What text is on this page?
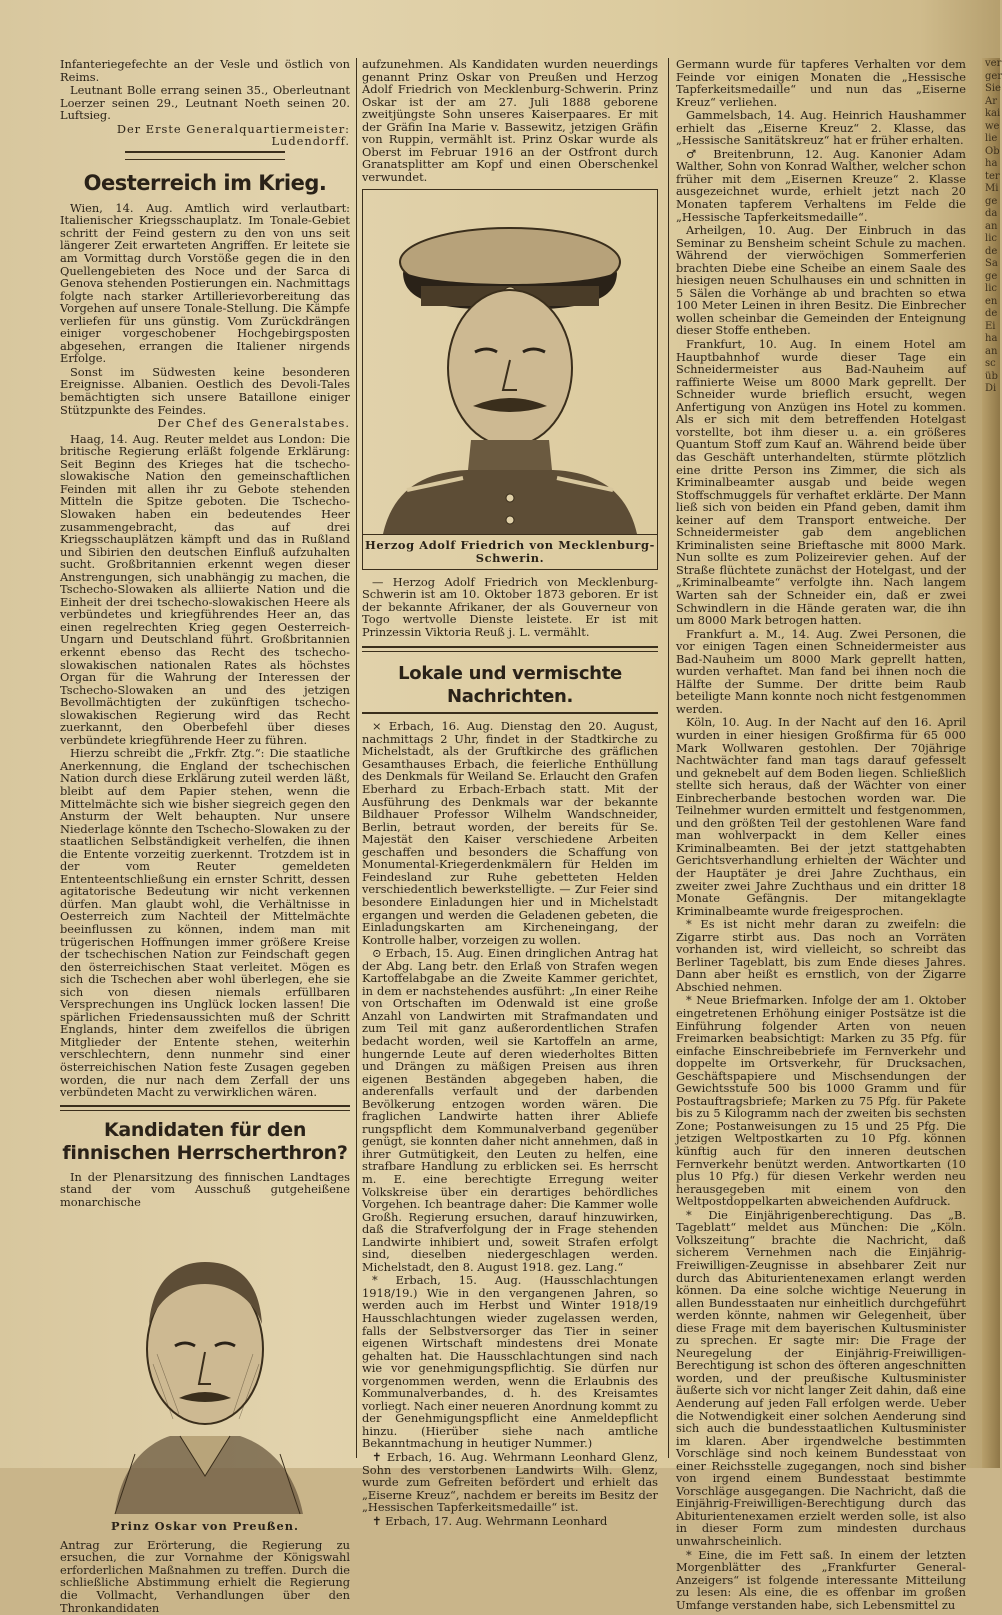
Infanteriegefechte an der Vesle und östlich von Reims.

Leutnant Bolle errang seinen 35., Oberleutnant Loerzer seinen 29., Leutnant Noeth seinen 20. Luftsieg.

Der Erste Generalquartiermeister: Ludendorff.
Oesterreich im Krieg.

Wien, 14. Aug. Amtlich wird verlautbart: Italienischer Kriegsschauplatz. Im Tonale-Gebiet schritt der Feind gestern zu den von uns seit längerer Zeit erwarteten Angriffen. Er leitete sie am Vormittag durch Vorstöße gegen die in den Quellengebieten des Noce und der Sarca di Genova stehenden Postierungen ein. Nachmittags folgte nach starker Artillerievorbereitung das Vorgehen auf unsere Tonale-Stellung. Die Kämpfe verliefen für uns günstig. Vom Zurückdrängen einiger vorgeschobener Hochgebirgsposten abgesehen, errangen die Italiener nirgends Erfolge.

Sonst im Südwesten keine besonderen Ereignisse. Albanien. Oestlich des Devoli-Tales bemächtigten sich unsere Bataillone einiger Stützpunkte des Feindes.

Der Chef des Generalstabes.

Haag, 14. Aug. Reuter meldet aus London: Die britische Regierung erläßt folgende Erklärung: Seit Beginn des Krieges hat die tschecho-slowakische Nation den gemeinschaftlichen Feinden mit allen ihr zu Gebote stehenden Mitteln die Spitze geboten. Die Tschecho-Slowaken haben ein bedeutendes Heer zusammengebracht, das auf drei Kriegsschauplätzen kämpft und das in Rußland und Sibirien den deutschen Einfluß aufzuhalten sucht. Großbritannien erkennt wegen dieser Anstrengungen, sich unabhängig zu machen, die Tschecho-Slowaken als alliierte Nation und die Einheit der drei tschecho-slowakischen Heere als verbündetes und kriegführendes Heer an, das einen regelrechten Krieg gegen Oesterreich-Ungarn und Deutschland führt. Großbritannien erkennt ebenso das Recht des tschecho-slowakischen nationalen Rates als höchstes Organ für die Wahrung der Interessen der Tschecho-Slowaken an und des jetzigen Bevollmächtigten der zukünftigen tschecho-slowakischen Regierung wird das Recht zuerkannt, den Oberbefehl über dieses verbündete kriegführende Heer zu führen.

Hierzu schreibt die „Frkfr. Ztg.“: Die staatliche Anerkennung, die England der tschechischen Nation durch diese Erklärung zuteil werden läßt, bleibt auf dem Papier stehen, wenn die Mittelmächte sich wie bisher siegreich gegen den Ansturm der Welt behaupten. Nur unsere Niederlage könnte den Tschecho-Slowaken zu der staatlichen Selbständigkeit verhelfen, die ihnen die Entente vorzeitig zuerkennt. Trotzdem ist in der vom Reuter gemeldeten Ententeentschließung ein ernster Schritt, dessen agitatorische Bedeutung wir nicht verkennen dürfen. Man glaubt wohl, die Verhältnisse in Oesterreich zum Nachteil der Mittelmächte beeinflussen zu können, indem man mit trügerischen Hoffnungen immer größere Kreise der tschechischen Nation zur Feindschaft gegen den österreichischen Staat verleitet. Mögen es sich die Tschechen aber wohl überlegen, ehe sie sich von diesen niemals erfüllbaren Versprechungen ins Unglück locken lassen! Die spärlichen Friedensaussichten muß der Schritt Englands, hinter dem zweifellos die übrigen Mitglieder der Entente stehen, weiterhin verschlechtern, denn nunmehr sind einer österreichischen Nation feste Zusagen gegeben worden, die nur nach dem Zerfall der uns verbündeten Macht zu verwirklichen wären.

Kandidaten für den finnischen Herrscherthron?

In der Plenarsitzung des finnischen Landtages stand der vom Ausschuß gutgeheißene monarchische

Prinz Oskar von Preußen.

Antrag zur Erörterung, die Regierung zu ersuchen, die zur Vornahme der Königswahl erforderlichen Maßnahmen zu treffen. Durch die schließliche Abstimmung erhielt die Regierung die Vollmacht, Verhandlungen über den Thronkandidaten

aufzunehmen. Als Kandidaten wurden neuerdings genannt Prinz Oskar von Preußen und Herzog Adolf Friedrich von Mecklenburg-Schwerin. Prinz Oskar ist der am 27. Juli 1888 geborene zweitjüngste Sohn unseres Kaiserpaares. Er mit der Gräfin Ina Marie v. Bassewitz, jetzigen Gräfin von Ruppin, vermählt ist. Prinz Oskar wurde als Oberst im Februar 1916 an der Ostfront durch Granatsplitter am Kopf und einen Oberschenkel verwundet.

Herzog Adolf Friedrich von Mecklenburg-Schwerin.

— Herzog Adolf Friedrich von Mecklenburg-Schwerin ist am 10. Oktober 1873 geboren. Er ist der bekannte Afrikaner, der als Gouverneur von Togo wertvolle Dienste leistete. Er ist mit Prinzessin Viktoria Reuß j. L. vermählt.

Lokale und vermischte Nachrichten.

× Erbach, 16. Aug. Dienstag den 20. August, nachmittags 2 Uhr, findet in der Stadtkirche zu Michelstadt, als der Gruftkirche des gräflichen Gesamthauses Erbach, die feierliche Enthüllung des Denkmals für Weiland Se. Erlaucht den Grafen Eberhard zu Erbach-Erbach statt. Mit der Ausführung des Denkmals war der bekannte Bildhauer Professor Wilhelm Wandschneider, Berlin, betraut worden, der bereits für Se. Majestät den Kaiser verschiedene Arbeiten geschaffen und besonders die Schaffung von Monumental-Kriegerdenkmälern für Helden im Feindesland zur Ruhe gebetteten Helden verschiedentlich bewerkstelligte. — Zur Feier sind besondere Einladungen hier und in Michelstadt ergangen und werden die Geladenen gebeten, die Einladungskarten am Kircheneingang, der Kontrolle halber, vorzeigen zu wollen.

⊙ Erbach, 15. Aug. Einen dringlichen Antrag hat der Abg. Lang betr. den Erlaß von Strafen wegen Kartoffelabgabe an die Zweite Kammer gerichtet, in dem er nachstehendes ausführt: „In einer Reihe von Ortschaften im Odenwald ist eine große Anzahl von Landwirten mit Strafmandaten und zum Teil mit ganz außerordentlichen Strafen bedacht worden, weil sie Kartoffeln an arme, hungernde Leute auf deren wiederholtes Bitten und Drängen zu mäßigen Preisen aus ihren eigenen Beständen abgegeben haben, die anderenfalls verfault und der darbenden Bevölkerung entzogen worden wären. Die fraglichen Landwirte hatten ihrer Abliefe rungspflicht dem Kommunalverband gegenüber genügt, sie konnten daher nicht annehmen, daß in ihrer Gutmütigkeit, den Leuten zu helfen, eine strafbare Handlung zu erblicken sei. Es herrscht m. E. eine berechtigte Erregung weiter Volkskreise über ein derartiges behördliches Vorgehen. Ich beantrage daher: Die Kammer wolle Großh. Regierung ersuchen, darauf hinzuwirken, daß die Strafverfolgung der in Frage stehenden Landwirte inhibiert und, soweit Strafen erfolgt sind, dieselben niedergeschlagen werden. Michelstadt, den 8. August 1918. gez. Lang.“

* Erbach, 15. Aug. (Hausschlachtungen 1918/19.) Wie in den vergangenen Jahren, so werden auch im Herbst und Winter 1918/19 Hausschlachtungen wieder zugelassen werden, falls der Selbstversorger das Tier in seiner eigenen Wirtschaft mindestens drei Monate gehalten hat. Die Hausschlachtungen sind nach wie vor genehmigungspflichtig. Sie dürfen nur vorgenommen werden, wenn die Erlaubnis des Kommunalverbandes, d. h. des Kreisamtes vorliegt. Nach einer neueren Anordnung kommt zu der Genehmigungspflicht eine Anmeldepflicht hinzu. (Hierüber siehe nach amtliche Bekanntmachung in heutiger Nummer.)

✝ Erbach, 16. Aug. Wehrmann Leonhard Glenz, Sohn des verstorbenen Landwirts Wilh. Glenz, wurde zum Gefreiten befördert und erhielt das „Eiserne Kreuz“, nachdem er bereits im Besitz der „Hessischen Tapferkeitsmedaille“ ist.

✝ Erbach, 17. Aug. Wehrmann Leonhard

Germann wurde für tapferes Verhalten vor dem Feinde vor einigen Monaten die „Hessische Tapferkeitsmedaille“ und nun das „Eiserne Kreuz“ verliehen.

Gammelsbach, 14. Aug. Heinrich Haushammer erhielt das „Eiserne Kreuz“ 2. Klasse, das „Hessische Sanitätskreuz“ hat er früher erhalten.

♂ Breitenbrunn, 12. Aug. Kanonier Adam Walther, Sohn von Konrad Walther, welcher schon früher mit dem „Eisernen Kreuze“ 2. Klasse ausgezeichnet wurde, erhielt jetzt nach 20 Monaten tapferem Verhaltens im Felde die „Hessische Tapferkeitsmedaille“.

Arheilgen, 10. Aug. Der Einbruch in das Seminar zu Bensheim scheint Schule zu machen. Während der vierwöchigen Sommerferien brachten Diebe eine Scheibe an einem Saale des hiesigen neuen Schulhauses ein und schnitten in 5 Sälen die Vorhänge ab und brachten so etwa 100 Meter Leinen in ihren Besitz. Die Einbrecher wollen scheinbar die Gemeinden der Enteignung dieser Stoffe entheben.

Frankfurt, 10. Aug. In einem Hotel am Hauptbahnhof wurde dieser Tage ein Schneidermeister aus Bad-Nauheim auf raffinierte Weise um 8000 Mark geprellt. Der Schneider wurde brieflich ersucht, wegen Anfertigung von Anzügen ins Hotel zu kommen. Als er sich mit dem betreffenden Hotelgast vorstellte, bot ihm dieser u. a. ein größeres Quantum Stoff zum Kauf an. Während beide über das Geschäft unterhandelten, stürmte plötzlich eine dritte Person ins Zimmer, die sich als Kriminalbeamter ausgab und beide wegen Stoffschmuggels für verhaftet erklärte. Der Mann ließ sich von beiden ein Pfand geben, damit ihm keiner auf dem Transport entweiche. Der Schneidermeister gab dem angeblichen Kriminalisten seine Brieftasche mit 8000 Mark. Nun sollte es zum Polizeirevier gehen. Auf der Straße flüchtete zunächst der Hotelgast, und der „Kriminalbeamte“ verfolgte ihn. Nach langem Warten sah der Schneider ein, daß er zwei Schwindlern in die Hände geraten war, die ihn um 8000 Mark betrogen hatten.

Frankfurt a. M., 14. Aug. Zwei Personen, die vor einigen Tagen einen Schneidermeister aus Bad-Nauheim um 8000 Mark geprellt hatten, wurden verhaftet. Man fand bei ihnen noch die Hälfte der Summe. Der dritte beim Raub beteiligte Mann konnte noch nicht festgenommen werden.

Köln, 10. Aug. In der Nacht auf den 16. April wurden in einer hiesigen Großfirma für 65 000 Mark Wollwaren gestohlen. Der 70jährige Nachtwächter fand man tags darauf gefesselt und geknebelt auf dem Boden liegen. Schließlich stellte sich heraus, daß der Wächter von einer Einbrecherbande bestochen worden war. Die Teilnehmer wurden ermittelt und festgenommen, und den größten Teil der gestohlenen Ware fand man wohlverpackt in dem Keller eines Kriminalbeamten. Bei der jetzt stattgehabten Gerichtsverhandlung erhielten der Wächter und der Hauptäter je drei Jahre Zuchthaus, ein zweiter zwei Jahre Zuchthaus und ein dritter 18 Monate Gefängnis. Der mitangeklagte Kriminalbeamte wurde freigesprochen.

* Es ist nicht mehr daran zu zweifeln: die Zigarre stirbt aus. Das noch an Vorräten vorhanden ist, wird vielleicht, so schreibt das Berliner Tageblatt, bis zum Ende dieses Jahres. Dann aber heißt es ernstlich, von der Zigarre Abschied nehmen.

* Neue Briefmarken. Infolge der am 1. Oktober eingetretenen Erhöhung einiger Postsätze ist die Einführung folgender Arten von neuen Freimarken beabsichtigt: Marken zu 35 Pfg. für einfache Einschreibebriefe im Fernverkehr und doppelte im Ortsverkehr, für Drucksachen, Geschäftspapiere und Mischsendungen der Gewichtsstufe 500 bis 1000 Gramm und für Postauftragsbriefe; Marken zu 75 Pfg. für Pakete bis zu 5 Kilogramm nach der zweiten bis sechsten Zone; Postanweisungen zu 15 und 25 Pfg. Die jetzigen Weltpostkarten zu 10 Pfg. können künftig auch für den inneren deutschen Fernverkehr benützt werden. Antwortkarten (10 plus 10 Pfg.) für diesen Verkehr werden neu herausgegeben mit einem von den Weltpostdoppelkarten abweichenden Aufdruck.

* Die Einjährigenberechtigung. Das „B. Tageblatt“ meldet aus München: Die „Köln. Volkszeitung“ brachte die Nachricht, daß sicherem Vernehmen nach die Einjährig-Freiwilligen-Zeugnisse in absehbarer Zeit nur durch das Abiturientenexamen erlangt werden können. Da eine solche wichtige Neuerung in allen Bundesstaaten nur einheitlich durchgeführt werden könnte, nahmen wir Gelegenheit, über diese Frage mit dem bayerischen Kultusminister zu sprechen. Er sagte mir: Die Frage der Neuregelung der Einjährig-Freiwilligen-Berechtigung ist schon des öfteren angeschnitten worden, und der preußische Kultusminister äußerte sich vor nicht langer Zeit dahin, daß eine Aenderung auf jeden Fall erfolgen werde. Ueber die Notwendigkeit einer solchen Aenderung sind sich auch die bundesstaatlichen Kultusminister im klaren. Aber irgendwelche bestimmten Vorschläge sind noch keinem Bundesstaat von einer Reichsstelle zugegangen, noch sind bisher von irgend einem Bundesstaat bestimmte Vorschläge ausgegangen. Die Nachricht, daß die Einjährig-Freiwilligen-Berechtigung durch das Abiturientenexamen erzielt werden solle, ist also in dieser Form zum mindesten durchaus unwahrscheinlich.

* Eine, die im Fett saß. In einem der letzten Morgenblätter des „Frankfurter General-Anzeigers“ ist folgende interessante Mitteilung zu lesen: Als eine, die es offenbar im großen Umfange verstanden habe, sich Lebensmittel zu

ver ger Sie Ar kai we lie Ob ha ter Mi ge da an lic de Sa ge lic en de Ei ha an sc üb Di
